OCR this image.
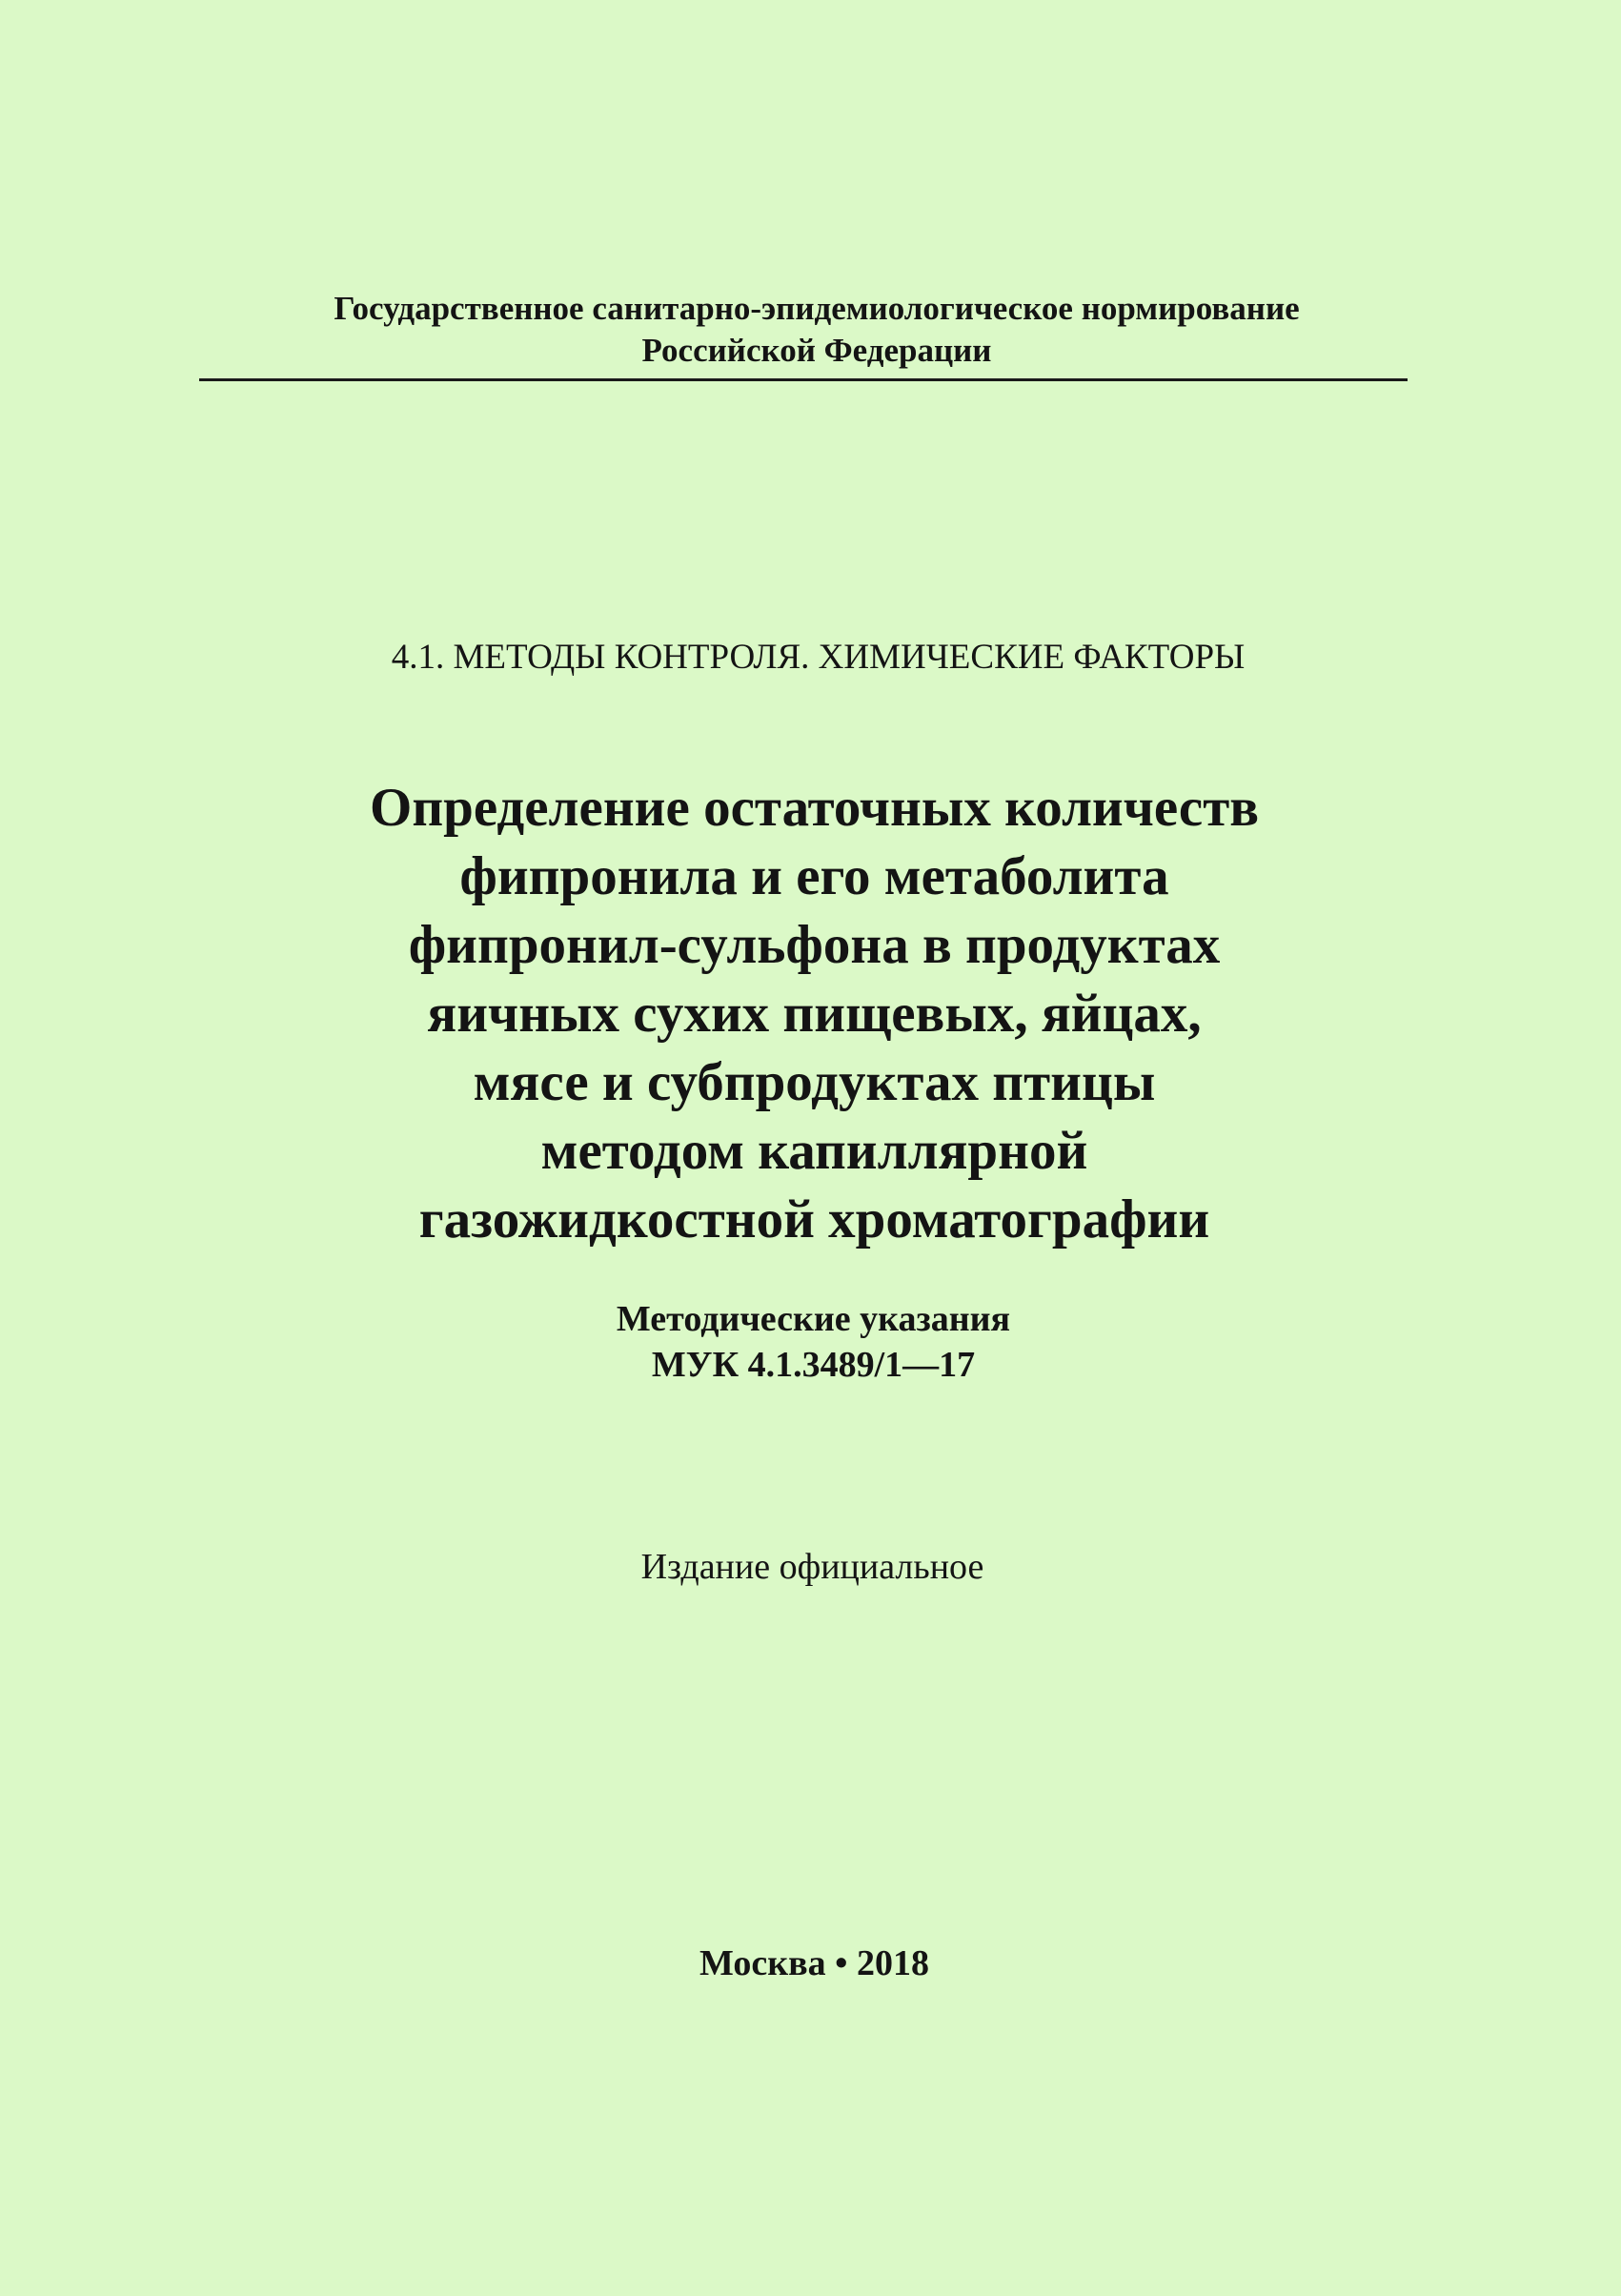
Государственное санитарно-эпидемиологическое нормирование
Российской Федерации
4.1. МЕТОДЫ КОНТРОЛЯ. ХИМИЧЕСКИЕ ФАКТОРЫ
Определение остаточных количеств
фипронила и его метаболита
фипронил-сульфона в продуктах
яичных сухих пищевых, яйцах,
мясе и субпродуктах птицы
методом капиллярной
газожидкостной хроматографии
Методические указания
МУК 4.1.3489/1—17
Издание официальное
Москва • 2018
